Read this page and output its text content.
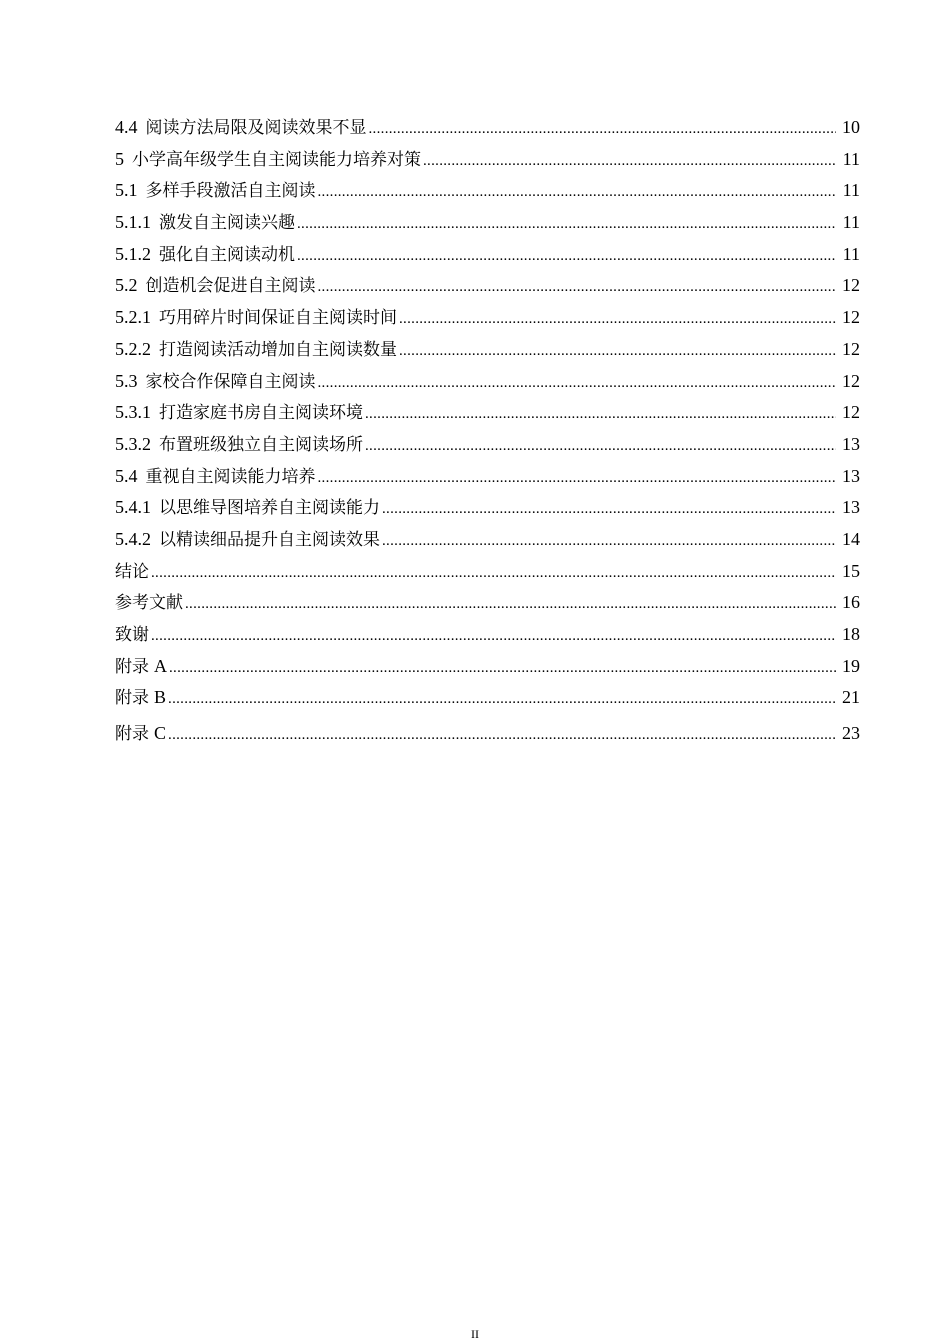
4.4 阅读方法局限及阅读效果不显 .....	10
5 小学高年级学生自主阅读能力培养对策 .....	11
5.1 多样手段激活自主阅读 .....	11
5.1.1 激发自主阅读兴趣 .....	11
5.1.2 强化自主阅读动机 .....	11
5.2 创造机会促进自主阅读 .....	12
5.2.1 巧用碎片时间保证自主阅读时间 .....	12
5.2.2 打造阅读活动增加自主阅读数量 .....	12
5.3 家校合作保障自主阅读 .....	12
5.3.1 打造家庭书房自主阅读环境 .....	12
5.3.2 布置班级独立自主阅读场所 .....	13
5.4 重视自主阅读能力培养 .....	13
5.4.1 以思维导图培养自主阅读能力 .....	13
5.4.2 以精读细品提升自主阅读效果 .....	14
结论 .....	15
参考文献 .....	16
致谢 .....	18
附录 A .....	19
附录 B .....	21
附录 C .....	23
II
